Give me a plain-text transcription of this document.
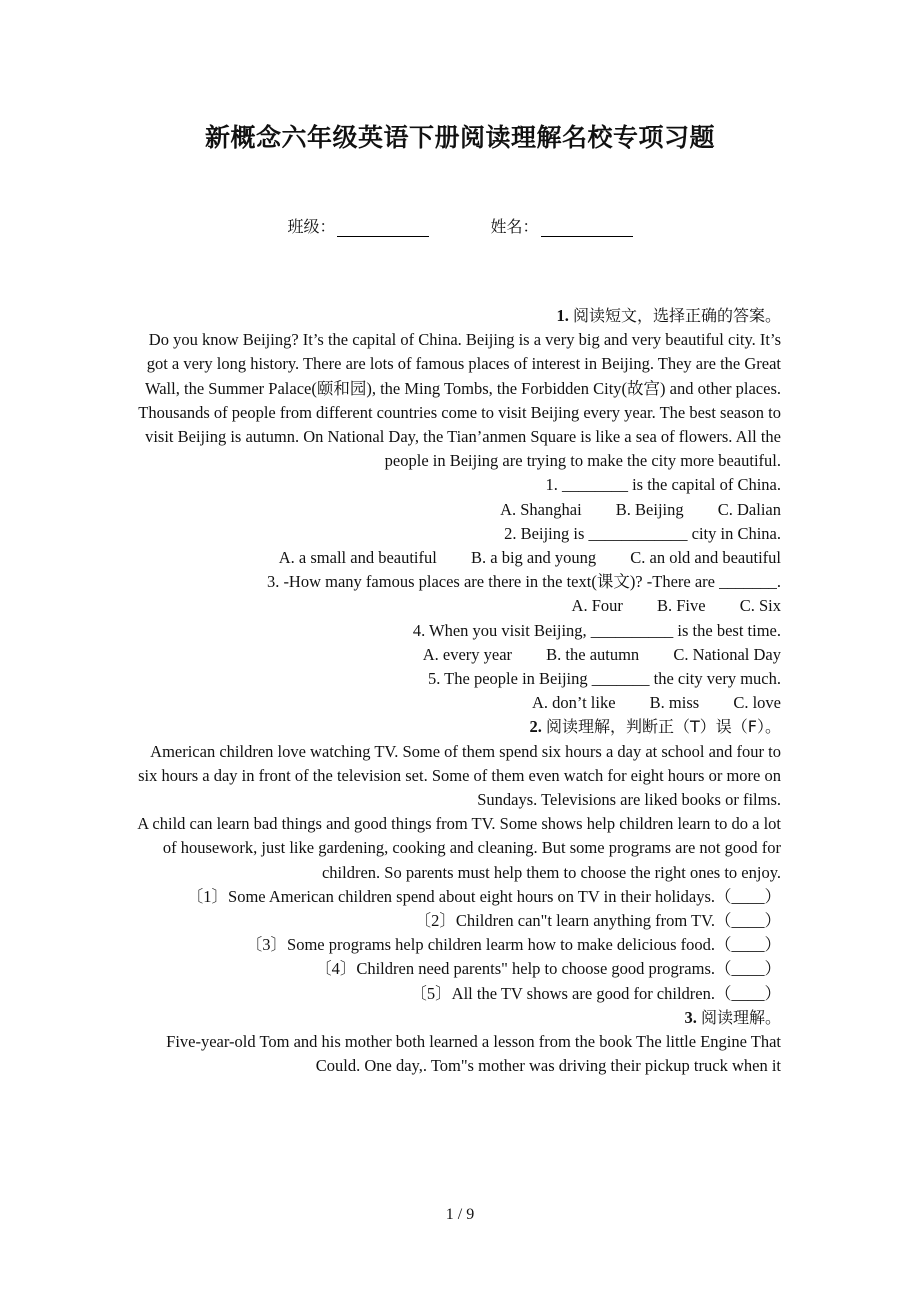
新概念六年级英语下册阅读理解名校专项习题
班级：	姓名：

1. 阅读短文，选择正确的答案。

Do you know Beijing? It’s the capital of China. Beijing is a very big and very beautiful city. It’s got a very long history. There are lots of famous places of interest in Beijing. They are the Great Wall, the Summer Palace(颐和园), the Ming Tombs, the Forbidden City(故宫) and other places.

Thousands of people from different countries come to visit Beijing every year. The best season to visit Beijing is autumn. On National Day, the Tian’anmen Square is like a sea of flowers. All the people in Beijing are trying to make the city more beautiful.

1. ________ is the capital of China.

A. Shanghai B. Beijing C. Dalian

2. Beijing is ____________ city in China.

A. a small and beautiful B. a big and young C. an old and beautiful

3. -How many famous places are there in the text(课文)? -There are _______.

A. Four B. Five C. Six

4. When you visit Beijing, __________ is the best time.

A. every year B. the autumn C. National Day

5. The people in Beijing _______ the city very much.

A. don’t like B. miss C. love

2. 阅读理解，判断正（T）误（F）。

American children love watching TV. Some of them spend six hours a day at school and four to six hours a day in front of the television set. Some of them even watch for eight hours or more on Sundays. Televisions are liked books or films.

A child can learn bad things and good things from TV. Some shows help children learn to do a lot of housework, just like gardening, cooking and cleaning. But some programs are not good for children. So parents must help them to choose the right ones to enjoy.

〔1〕Some American children spend about eight hours on TV in their holidays.（____）

〔2〕Children can"t learn anything from TV.（____）

〔3〕Some programs help children learm how to make delicious food.（____）

〔4〕Children need parents" help to choose good programs.（____）

〔5〕All the TV shows are good for children.（____）

3. 阅读理解。

Five-year-old Tom and his mother both learned a lesson from the book The little Engine That Could. One day,. Tom"s mother was driving their pickup truck when it

1 / 9
